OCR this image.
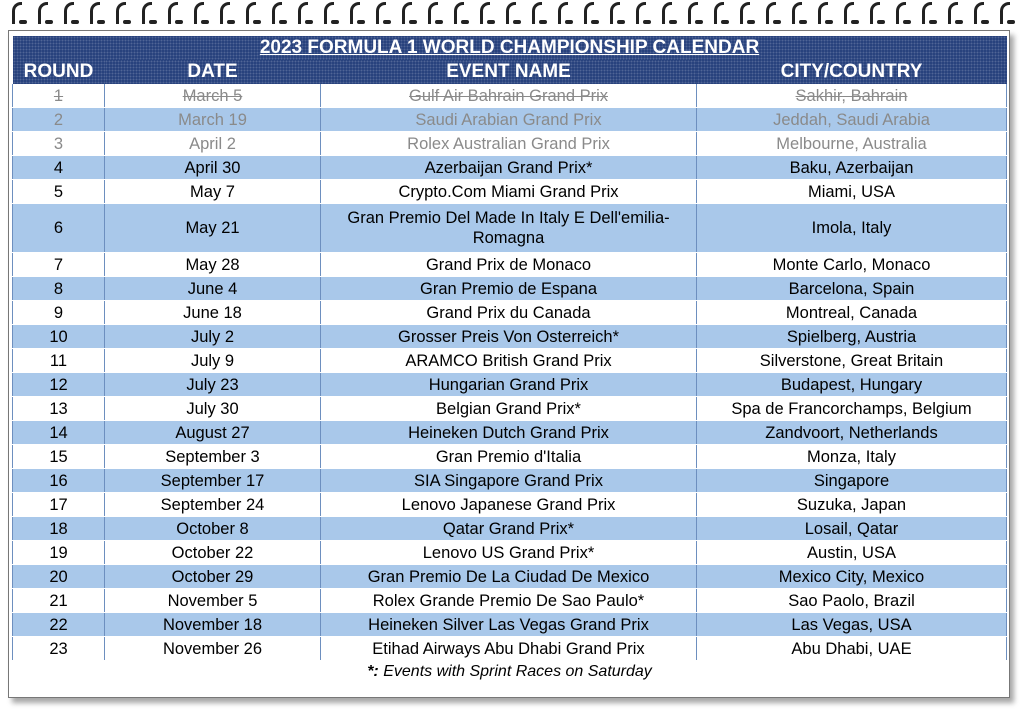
2023 FORMULA 1 WORLD CHAMPIONSHIP CALENDAR			
ROUND	DATE	EVENT NAME	CITY/COUNTRY
1	March 5	Gulf Air Bahrain Grand Prix	Sakhir, Bahrain
2	March 19	Saudi Arabian Grand Prix	Jeddah, Saudi Arabia
3	April 2	Rolex Australian Grand Prix	Melbourne, Australia
4	April 30	Azerbaijan Grand Prix*	Baku, Azerbaijan
5	May 7	Crypto.Com Miami Grand Prix	Miami, USA
6	May 21	Gran Premio Del Made In Italy E Dell'emilia-Romagna	Imola, Italy
7	May 28	Grand Prix de Monaco	Monte Carlo, Monaco
8	June 4	Gran Premio de Espana	Barcelona, Spain
9	June 18	Grand Prix du Canada	Montreal, Canada
10	July 2	Grosser Preis Von Osterreich*	Spielberg, Austria
11	July 9	ARAMCO British Grand Prix	Silverstone, Great Britain
12	July 23	Hungarian Grand Prix	Budapest, Hungary
13	July 30	Belgian Grand Prix*	Spa de Francorchamps, Belgium
14	August 27	Heineken Dutch Grand Prix	Zandvoort, Netherlands
15	September 3	Gran Premio d'Italia	Monza, Italy
16	September 17	SIA Singapore Grand Prix	Singapore
17	September 24	Lenovo Japanese Grand Prix	Suzuka, Japan
18	October 8	Qatar Grand Prix*	Losail, Qatar
19	October 22	Lenovo US Grand Prix*	Austin, USA
20	October 29	Gran Premio De La Ciudad De Mexico	Mexico City, Mexico
21	November 5	Rolex Grande Premio De Sao Paulo*	Sao Paolo, Brazil
22	November 18	Heineken Silver Las Vegas Grand Prix	Las Vegas, USA
23	November 26	Etihad Airways Abu Dhabi Grand Prix	Abu Dhabi, UAE
*: Events with Sprint Races on Saturday			
